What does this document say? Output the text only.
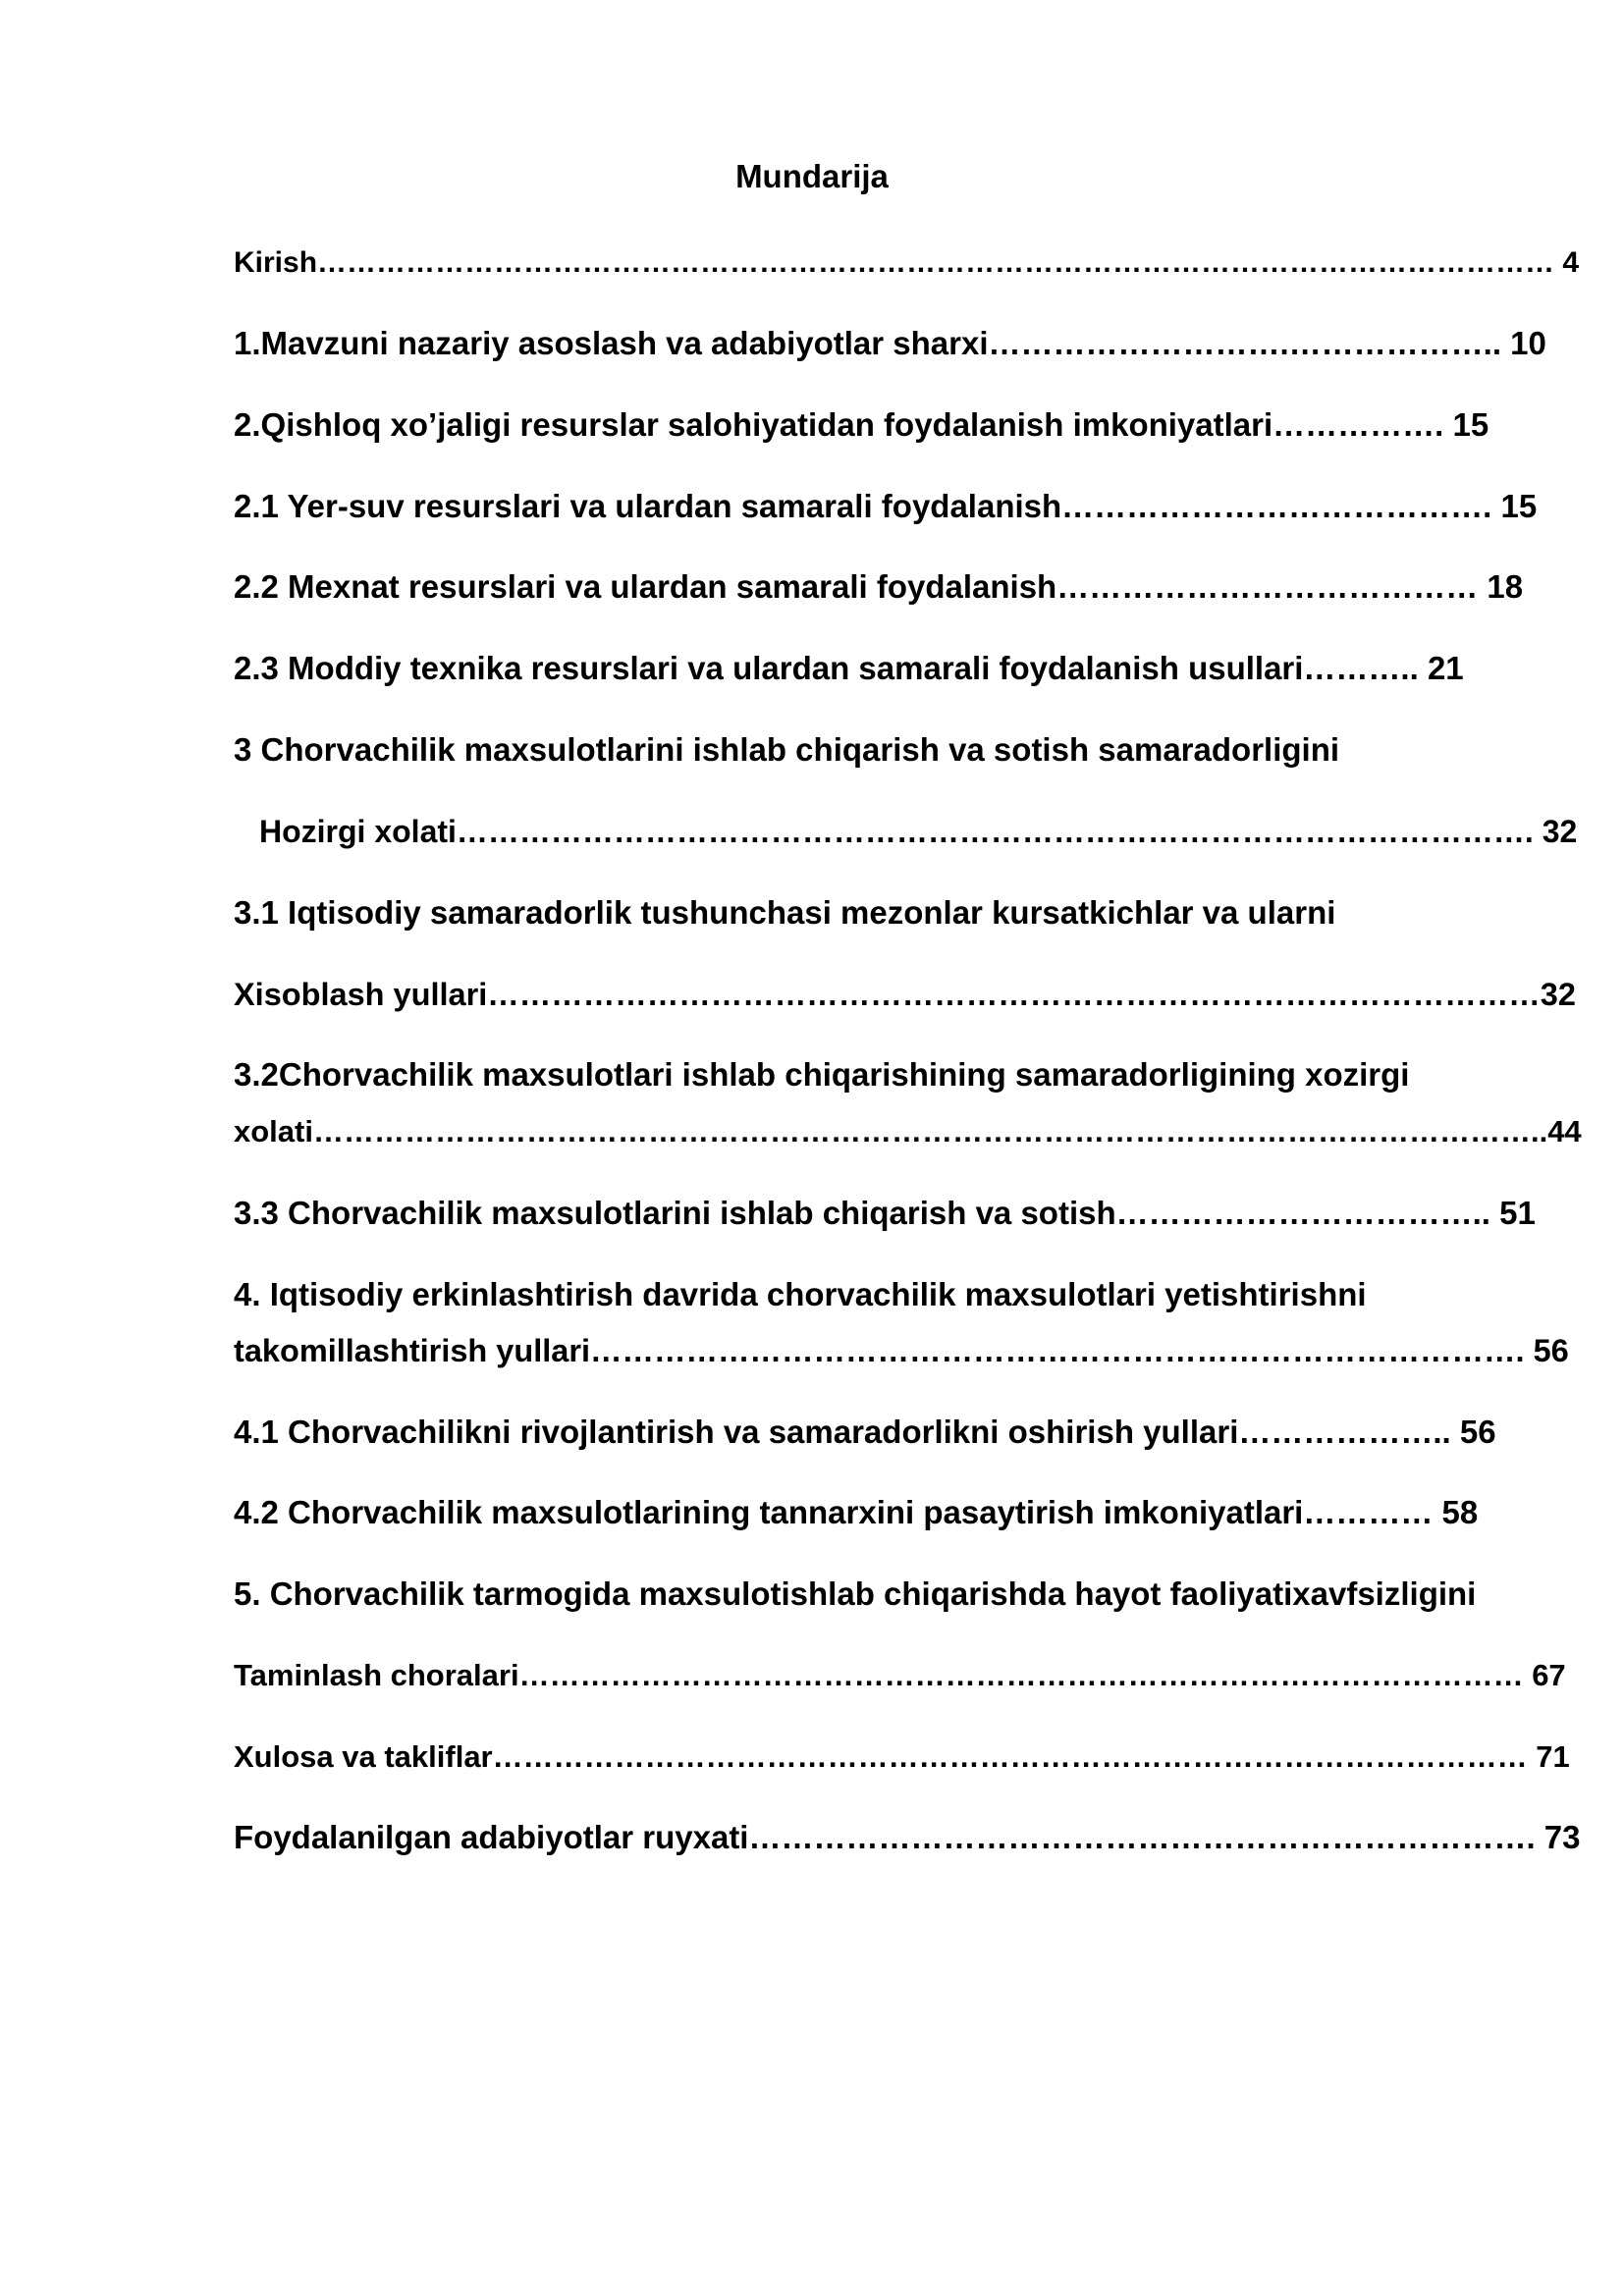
Mundarija
Kirish……………………………………………………………………………………………………………… 4
1.Mavzuni nazariy asoslash va adabiyotlar sharxi……………………….……………….. 10
2.Qishloq xo’jaligi resurslar salohiyatidan foydalanish imkoniyatlari……………. 15
2.1 Yer-suv resurslari va ulardan samarali foydalanish…………………………………. 15
2.2 Mexnat resurslari va ulardan samarali foydalanish………………………………… 18
2.3 Moddiy texnika resurslari va ulardan samarali foydalanish usullari……….. 21
3 Chorvachilik maxsulotlarini ishlab chiqarish va sotish samaradorligini
Hozirgi xolati…………………………………………………………………………………………. 32
3.1 Iqtisodiy samaradorlik tushunchasi mezonlar kursatkichlar va ularni
Xisoblash yullari………………………………………………………………………………………32
3.2Chorvachilik maxsulotlari ishlab chiqarishining samaradorligining xozirgi
xolati…………………………………………………………………………………………………………..44
3.3 Chorvachilik maxsulotlarini ishlab chiqarish va sotish…………………………….. 51
4. Iqtisodiy erkinlashtirish davrida chorvachilik maxsulotlari yetishtirishni
takomillashtirish yullari……………………………………………………………………………. 56
4.1 Chorvachilikni rivojlantirish va samaradorlikni oshirish yullari……………….. 56
4.2 Chorvachilik maxsulotlarining tannarxini pasaytirish imkoniyatlari………… 58
5. Chorvachilik tarmogida maxsulotishlab chiqarishda hayot faoliyatixavfsizligini
Taminlash choralari……………………………………………………………………………………… 67
Xulosa va takliflar………………………………………………………………………………………… 71
Foydalanilgan adabiyotlar ruyxati………………………………………………………………. 73
